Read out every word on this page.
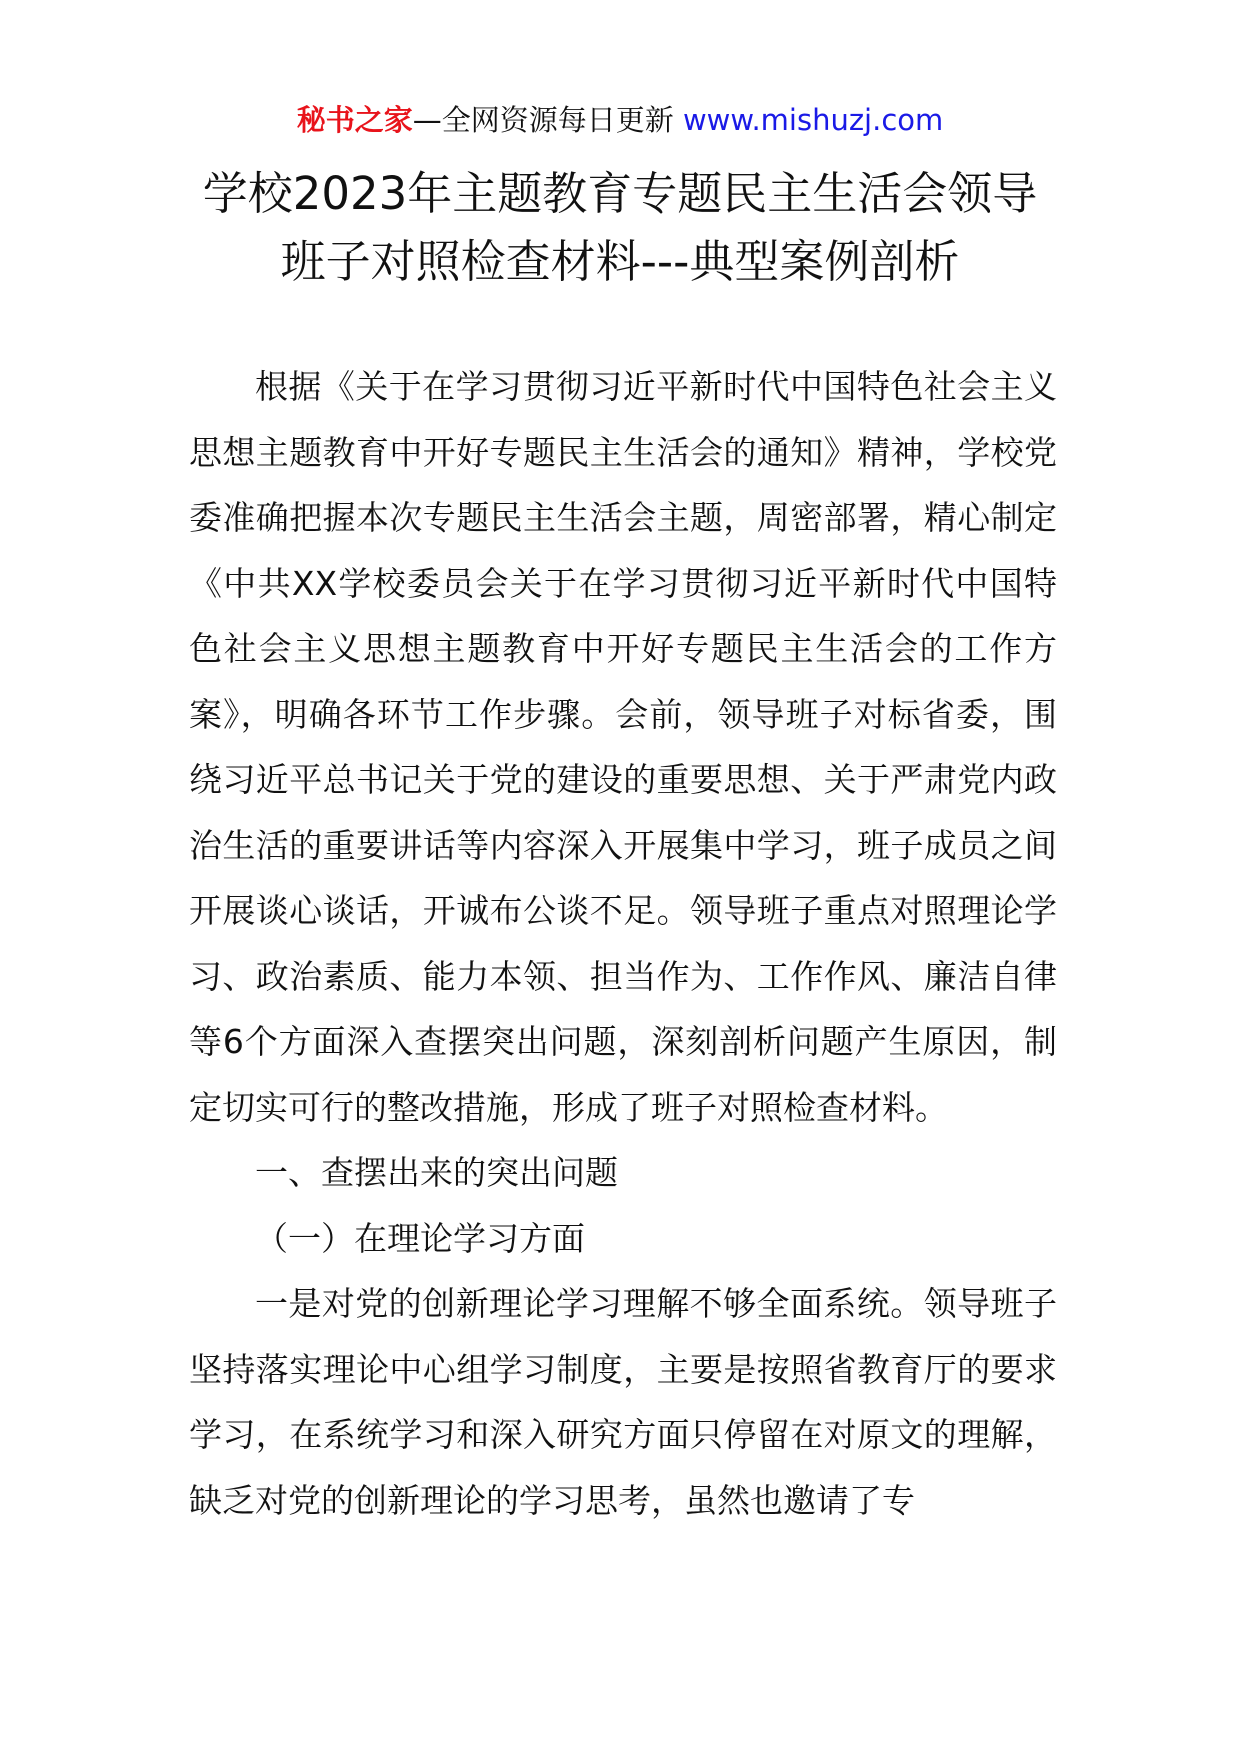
秘书之家—全网资源每日更新 www.mishuzj.com
学校2023年主题教育专题民主生活会领导
班子对照检查材料---典型案例剖析

根据《关于在学习贯彻习近平新时代中国特色社会主义思想主题教育中开好专题民主生活会的通知》精神，学校党委准确把握本次专题民主生活会主题，周密部署，精心制定《中共XX学校委员会关于在学习贯彻习近平新时代中国特色社会主义思想主题教育中开好专题民主生活会的工作方案》，明确各环节工作步骤。会前，领导班子对标省委，围绕习近平总书记关于党的建设的重要思想、关于严肃党内政治生活的重要讲话等内容深入开展集中学习，班子成员之间开展谈心谈话，开诚布公谈不足。领导班子重点对照理论学习、政治素质、能力本领、担当作为、工作作风、廉洁自律等6个方面深入查摆突出问题，深刻剖析问题产生原因，制定切实可行的整改措施，形成了班子对照检查材料。

一、查摆出来的突出问题

（一）在理论学习方面

一是对党的创新理论学习理解不够全面系统。领导班子坚持落实理论中心组学习制度，主要是按照省教育厅的要求学习，在系统学习和深入研究方面只停留在对原文的理解，缺乏对党的创新理论的学习思考，虽然也邀请了专
